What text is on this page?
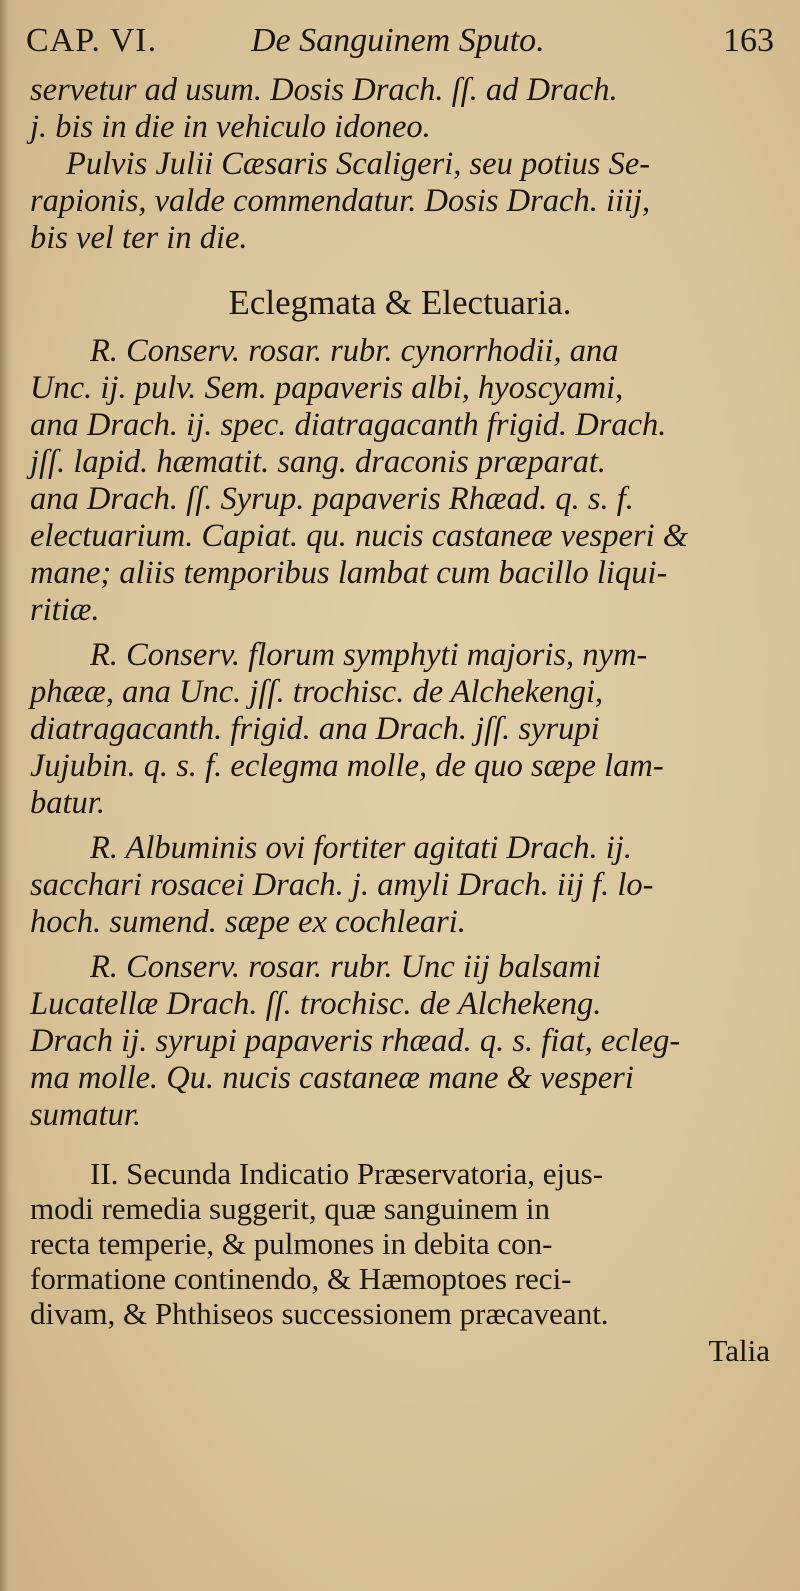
CAP. VI.	De Sanguinem Sputo.	163
servetur ad usum. Dosis Drach. ſſ. ad Drach.
j. bis in die in vehiculo idoneo.
Pulvis Julii Cæsaris Scaligeri, seu potius Se-
rapionis, valde commendatur. Dosis Drach. iiij,
bis vel ter in die.
Eclegmata & Electuaria.
R. Conserv. rosar. rubr. cynorrhodii, ana
Unc. ij. pulv. Sem. papaveris albi, hyoscyami,
ana Drach. ij. spec. diatragacanth frigid. Drach.
jſſ. lapid. hæmatit. sang. draconis præparat.
ana Drach. ſſ. Syrup. papaveris Rhæad. q. s. f.
electuarium. Capiat. qu. nucis castaneæ vesperi &
mane; aliis temporibus lambat cum bacillo liqui-
ritiæ.
R. Conserv. florum symphyti majoris, nym-
phææ, ana Unc. jſſ. trochisc. de Alchekengi,
diatragacanth. frigid. ana Drach. jſſ. syrupi
Jujubin. q. s. f. eclegma molle, de quo sæpe lam-
batur.
R. Albuminis ovi fortiter agitati Drach. ij.
sacchari rosacei Drach. j. amyli Drach. iij f. lo-
hoch. sumend. sæpe ex cochleari.
R. Conserv. rosar. rubr. Unc iij balsami
Lucatellæ Drach. ſſ. trochisc. de Alchekeng.
Drach ij. syrupi papaveris rhæad. q. s. fiat, ecleg-
ma molle. Qu. nucis castaneæ mane & vesperi
sumatur.
II. Secunda Indicatio Præservatoria, ejus-
modi remedia suggerit, quæ sanguinem in
recta temperie, & pulmones in debita con-
formatione continendo, & Hæmoptoes reci-
divam, & Phthiseos successionem præcaveant.
Talia
